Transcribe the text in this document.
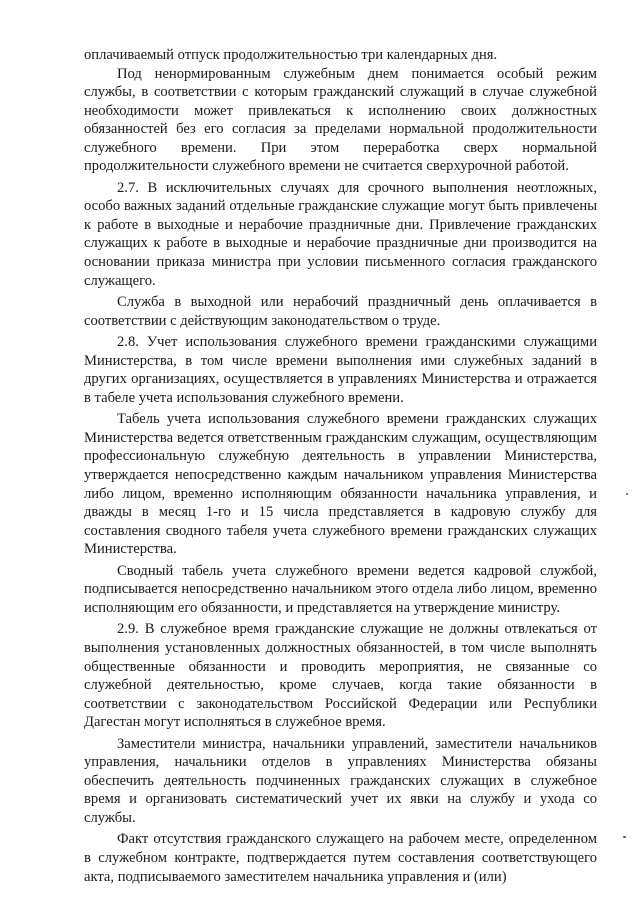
оплачиваемый отпуск продолжительностью три календарных дня.

Под ненормированным служебным днем понимается особый режим службы, в соответствии с которым гражданский служащий в случае служебной необходимости может привлекаться к исполнению своих должностных обязанностей без его согласия за пределами нормальной продолжительности служебного времени. При этом переработка сверх нормальной продолжительности служебного времени не считается сверхурочной работой.

2.7. В исключительных случаях для срочного выполнения неотложных, особо важных заданий отдельные гражданские служащие могут быть привлечены к работе в выходные и нерабочие праздничные дни. Привлечение гражданских служащих к работе в выходные и нерабочие праздничные дни производится на основании приказа министра при условии письменного согласия гражданского служащего.

Служба в выходной или нерабочий праздничный день оплачивается в соответствии с действующим законодательством о труде.

2.8. Учет использования служебного времени гражданскими служащими Министерства, в том числе времени выполнения ими служебных заданий в других организациях, осуществляется в управлениях Министерства и отражается в табеле учета использования служебного времени.

Табель учета использования служебного времени гражданских служащих Министерства ведется ответственным гражданским служащим, осуществляющим профессиональную служебную деятельность в управлении Министерства, утверждается непосредственно каждым начальником управления Министерства либо лицом, временно исполняющим обязанности начальника управления, и дважды в месяц 1-го и 15 числа представляется в кадровую службу для составления сводного табеля учета служебного времени гражданских служащих Министерства.

Сводный табель учета служебного времени ведется кадровой службой, подписывается непосредственно начальником этого отдела либо лицом, временно исполняющим его обязанности, и представляется на утверждение министру.

2.9. В служебное время гражданские служащие не должны отвлекаться от выполнения установленных должностных обязанностей, в том числе выполнять общественные обязанности и проводить мероприятия, не связанные со служебной деятельностью, кроме случаев, когда такие обязанности в соответствии с законодательством Российской Федерации или Республики Дагестан могут исполняться в служебное время.

Заместители министра, начальники управлений, заместители начальников управления, начальники отделов в управлениях Министерства обязаны обеспечить деятельность подчиненных гражданских служащих в служебное время и организовать систематический учет их явки на службу и ухода со службы.

Факт отсутствия гражданского служащего на рабочем месте, определенном в служебном контракте, подтверждается путем составления соответствующего акта, подписываемого заместителем начальника управления и (или)
